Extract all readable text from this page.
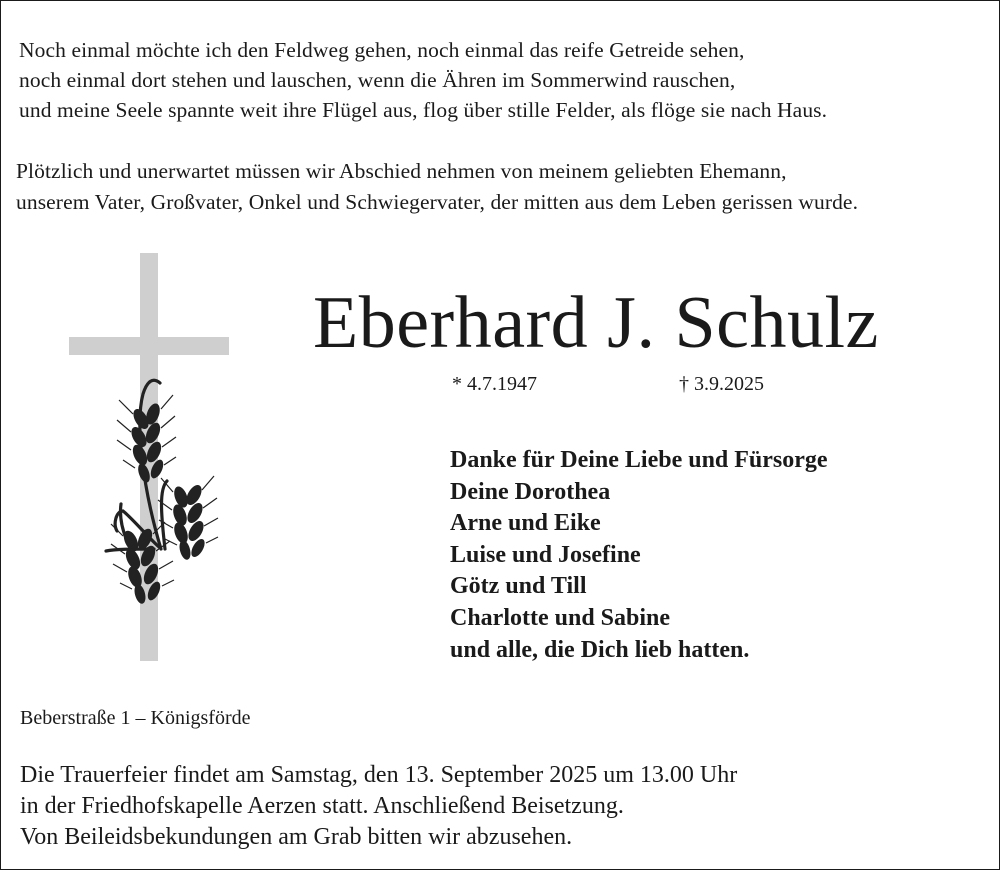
Noch einmal möchte ich den Feldweg gehen, noch einmal das reife Getreide sehen,

noch einmal dort stehen und lauschen, wenn die Ähren im Sommerwind rauschen,

und meine Seele spannte weit ihre Flügel aus, flog über stille Felder, als flöge sie nach Haus.

Plötzlich und unerwartet müssen wir Abschied nehmen von meinem geliebten Ehemann,

unserem Vater, Großvater, Onkel und Schwiegervater, der mitten aus dem Leben gerissen wurde.

Eberhard J. Schulz
* 4.7.1947	† 3.9.2025
Danke für Deine Liebe und Fürsorge
Deine Dorothea
Arne und Eike
Luise und Josefine
Götz und Till
Charlotte und Sabine
und alle, die Dich lieb hatten.
Beberstraße 1 – Königsförde

Die Trauerfeier findet am Samstag, den 13. September 2025 um 13.00 Uhr

in der Friedhofskapelle Aerzen statt. Anschließend Beisetzung.

Von Beileidsbekundungen am Grab bitten wir abzusehen.
